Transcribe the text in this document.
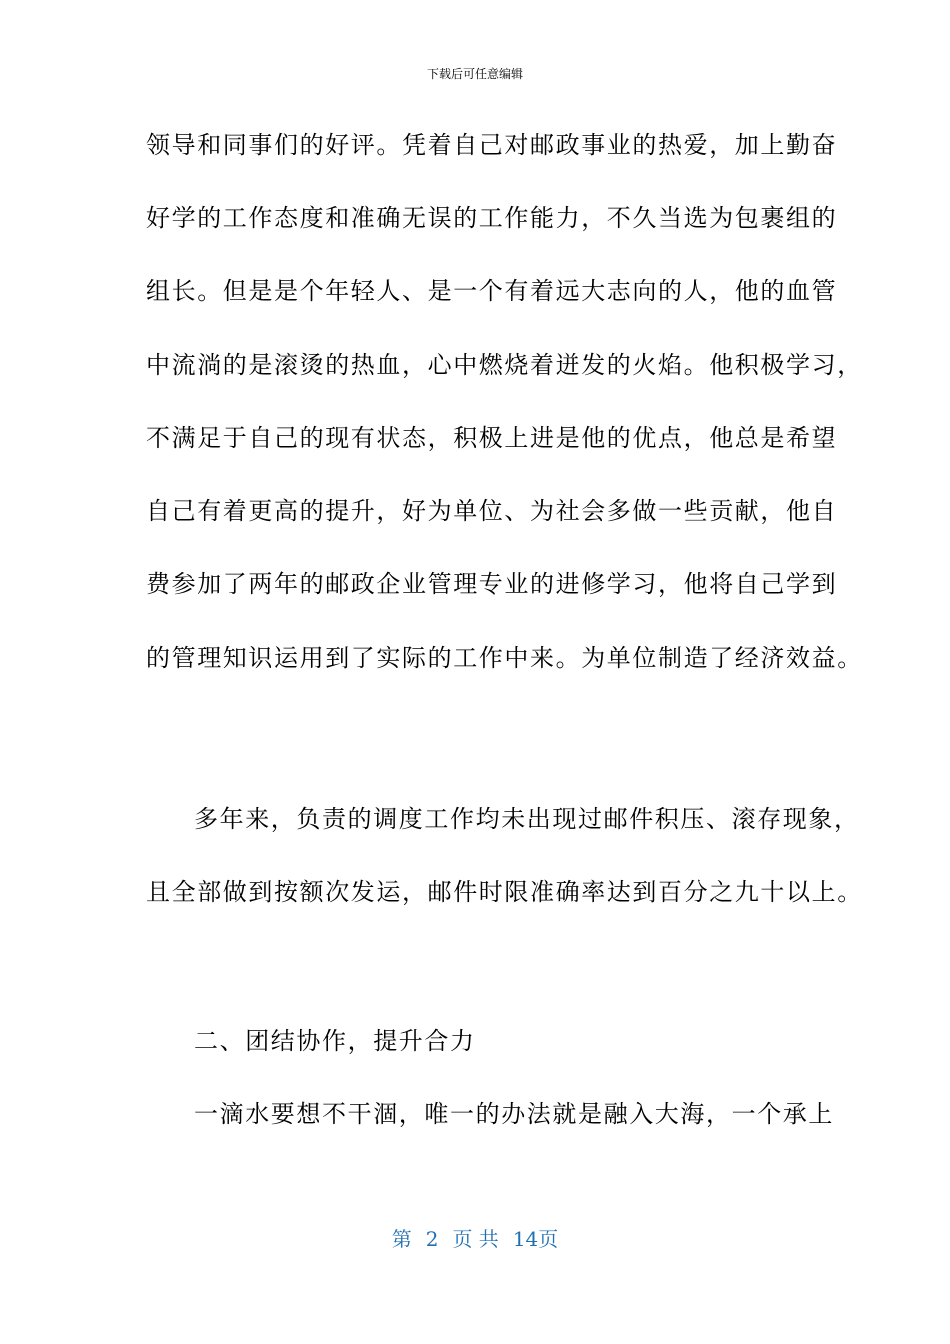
下载后可任意编辑
领导和同事们的好评。凭着自己对邮政事业的热爱，加上勤奋
好学的工作态度和准确无误的工作能力，不久当选为包裹组的
组长。但是是个年轻人、是一个有着远大志向的人，他的血管
中流淌的是滚烫的热血，心中燃烧着迸发的火焰。他积极学习，
不满足于自己的现有状态，积极上进是他的优点，他总是希望
自己有着更高的提升，好为单位、为社会多做一些贡献，他自
费参加了两年的邮政企业管理专业的进修学习，他将自己学到
的管理知识运用到了实际的工作中来。为单位制造了经济效益。
多年来，负责的调度工作均未出现过邮件积压、滚存现象，
且全部做到按额次发运，邮件时限准确率达到百分之九十以上。
二、团结协作，提升合力
一滴水要想不干涸，唯一的办法就是融入大海，一个承上
第 2 页 共 14页
